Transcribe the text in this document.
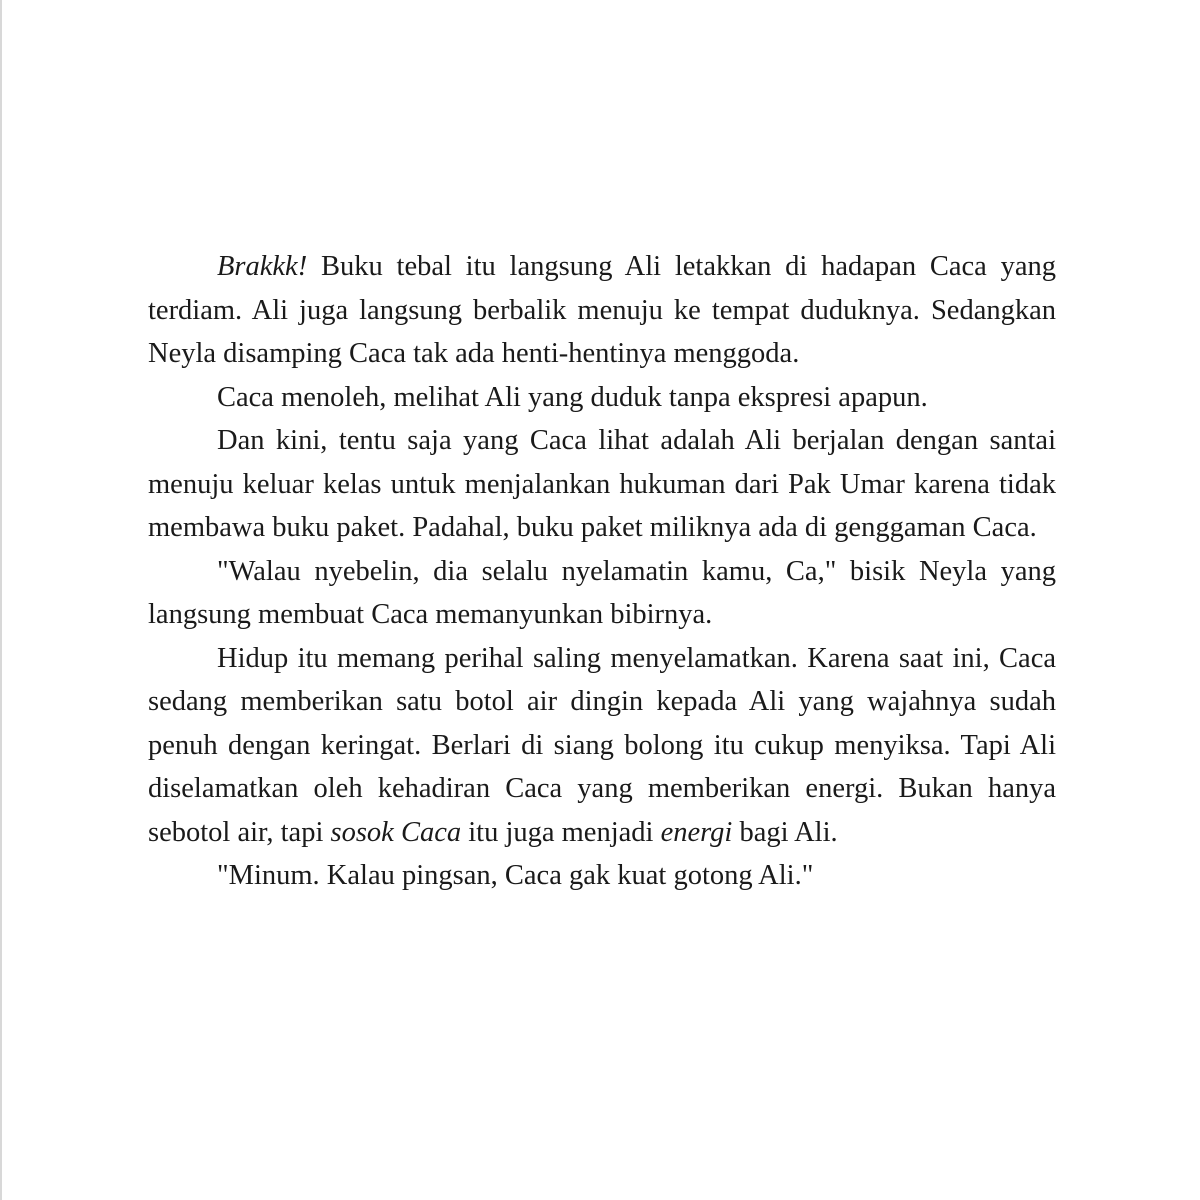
Brakkk! Buku tebal itu langsung Ali letakkan di hadapan Caca yang terdiam. Ali juga langsung berbalik menuju ke tempat duduknya. Sedangkan Neyla disamping Caca tak ada henti-hentinya menggoda.

Caca menoleh, melihat Ali yang duduk tanpa ekspresi apapun.

Dan kini, tentu saja yang Caca lihat adalah Ali berjalan dengan santai menuju keluar kelas untuk menjalankan hukuman dari Pak Umar karena tidak membawa buku paket. Padahal, buku paket miliknya ada di genggaman Caca.

"Walau nyebelin, dia selalu nyelamatin kamu, Ca," bisik Neyla yang langsung membuat Caca memanyunkan bibirnya.

Hidup itu memang perihal saling menyelamatkan. Karena saat ini, Caca sedang memberikan satu botol air dingin kepada Ali yang wajahnya sudah penuh dengan keringat. Berlari di siang bolong itu cukup menyiksa. Tapi Ali diselamatkan oleh kehadiran Caca yang memberikan energi. Bukan hanya sebotol air, tapi sosok Caca itu juga menjadi energi bagi Ali.

"Minum. Kalau pingsan, Caca gak kuat gotong Ali."
